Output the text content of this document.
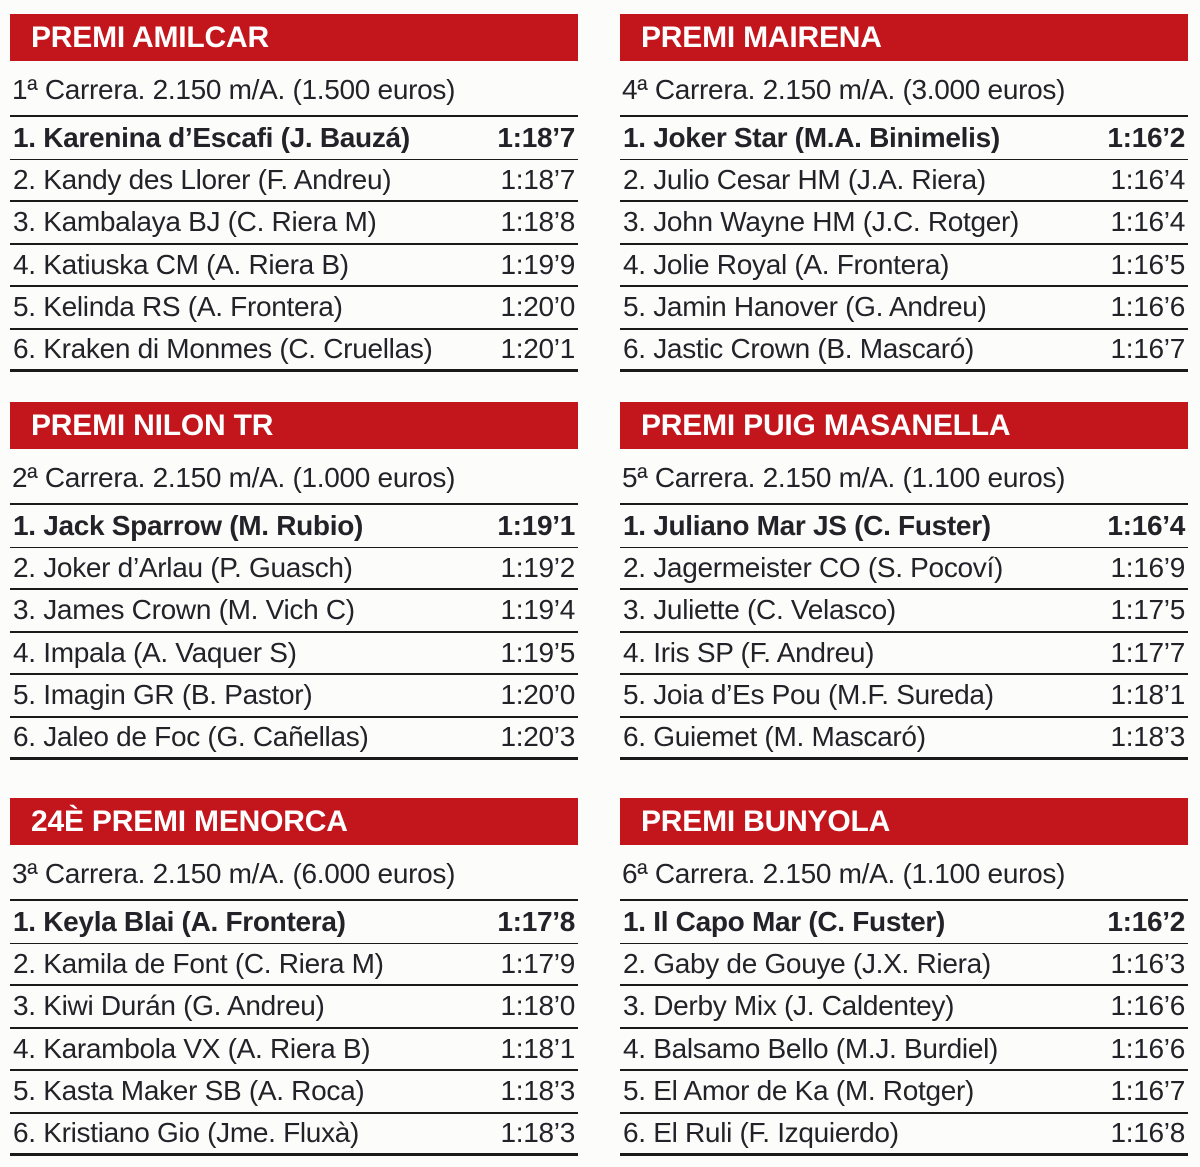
PREMI AMILCAR
1ª Carrera. 2.150 m/A. (1.500 euros)
1. Karenina d’Escafi (J. Bauzá)	1:18’7
2. Kandy des Llorer (F. Andreu)	1:18’7
3. Kambalaya BJ (C. Riera M)	1:18’8
4. Katiuska CM (A. Riera B)	1:19’9
5. Kelinda RS (A. Frontera)	1:20’0
6. Kraken di Monmes (C. Cruellas) 1:20’1
PREMI NILON TR
2ª Carrera. 2.150 m/A. (1.000 euros)
1. Jack Sparrow (M. Rubio)	1:19’1
2. Joker d’Arlau (P. Guasch)	1:19’2
3. James Crown (M. Vich C)	1:19’4
4. Impala (A. Vaquer S)	1:19’5
5. Imagin GR (B. Pastor)	1:20’0
6. Jaleo de Foc (G. Cañellas)	1:20’3
24È PREMI MENORCA
3ª Carrera. 2.150 m/A. (6.000 euros)
1. Keyla Blai (A. Frontera)	1:17’8
2. Kamila de Font (C. Riera M)	1:17’9
3. Kiwi Durán (G. Andreu)	1:18’0
4. Karambola VX (A. Riera B)	1:18’1
5. Kasta Maker SB (A. Roca)	1:18’3
6. Kristiano Gio (Jme. Fluxà)	1:18’3
PREMI MAIRENA
4ª Carrera. 2.150 m/A. (3.000 euros)
1. Joker Star (M.A. Binimelis)	1:16’2
2. Julio Cesar HM (J.A. Riera)	1:16’4
3. John Wayne HM (J.C. Rotger)	1:16’4
4. Jolie Royal (A. Frontera)	1:16’5
5. Jamin Hanover (G. Andreu)	1:16’6
6. Jastic Crown (B. Mascaró)	1:16’7
PREMI PUIG MASANELLA
5ª Carrera. 2.150 m/A. (1.100 euros)
1. Juliano Mar JS (C. Fuster)	1:16’4
2. Jagermeister CO (S. Pocoví)	1:16’9
3. Juliette (C. Velasco)	1:17’5
4. Iris SP (F. Andreu)	1:17’7
5. Joia d’Es Pou (M.F. Sureda)	1:18’1
6. Guiemet (M. Mascaró)	1:18’3
PREMI BUNYOLA
6ª Carrera. 2.150 m/A. (1.100 euros)
1. Il Capo Mar (C. Fuster)	1:16’2
2. Gaby de Gouye (J.X. Riera)	1:16’3
3. Derby Mix (J. Caldentey)	1:16’6
4. Balsamo Bello (M.J. Burdiel)	1:16’6
5. El Amor de Ka (M. Rotger)	1:16’7
6. El Ruli (F. Izquierdo)	1:16’8
